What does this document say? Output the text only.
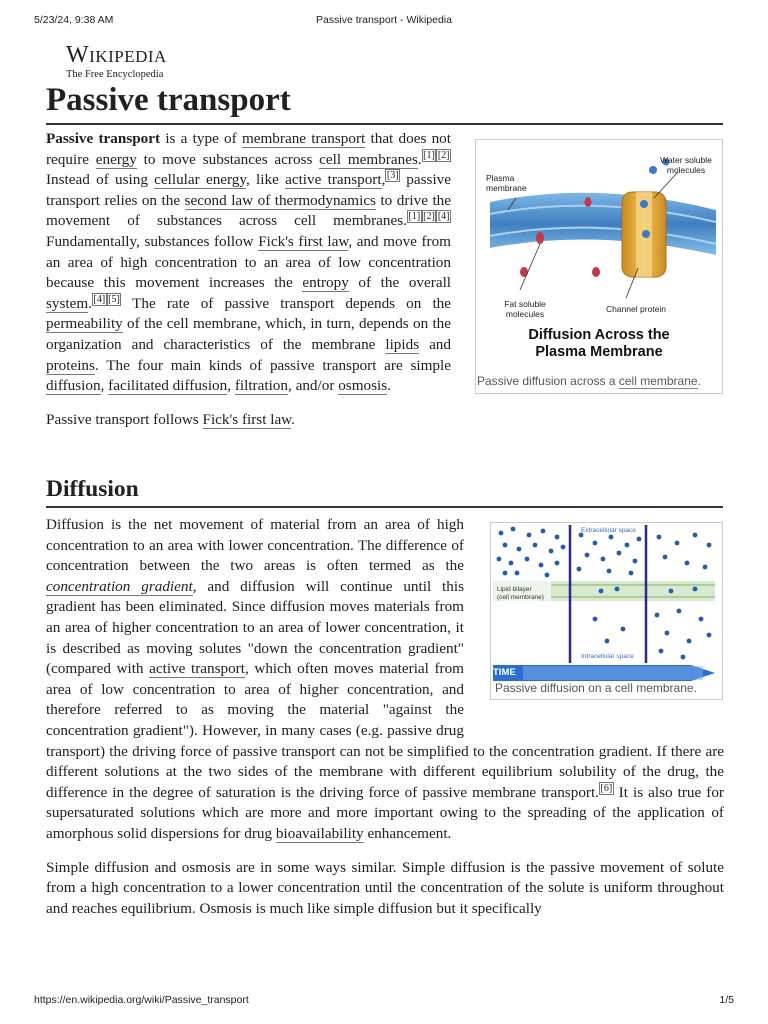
5/23/24, 9:38 AM	Passive transport - Wikipedia
Wikipedia
The Free Encyclopedia
Passive transport

Passive transport is a type of membrane transport that does not require energy to move substances across cell membranes. [1] [2] Instead of using cellular energy, like active transport, [3] passive transport relies on the second law of thermodynamics to drive the movement of substances across cell membranes. [1] [2] [4] Fundamentally, substances follow Fick's first law, and move from an area of high concentration to an area of low concentration because this movement increases the entropy of the overall system. [4] [5] The rate of passive transport depends on the permeability of the cell membrane, which, in turn, depends on the organization and characteristics of the membrane lipids and proteins. The four main kinds of passive transport are simple diffusion, facilitated diffusion, filtration, and/or osmosis.

Passive transport follows Fick's first law.

Water soluble molecules
Plasma membrane
Fat soluble molecules	Channel protein
Diffusion Across the
Plasma Membrane
Passive diffusion across a cell membrane.
Diffusion

Diffusion is the net movement of material from an area of high concentration to an area with lower concentration. The difference of concentration between the two areas is often termed as the concentration gradient, and diffusion will continue until this gradient has been eliminated. Since diffusion moves materials from an area of higher concentration to an area of lower concentration, it is described as moving solutes "down the concentration gradient" (compared with active transport, which often moves material from area of low concentration to area of higher concentration, and therefore referred to as moving the material "against the concentration gradient"). However, in many cases (e.g. passive drug transport) the driving force of passive transport can not be simplified to the concentration gradient. If there are different solutions at the two sides of the membrane with different equilibrium solubility of the drug, the difference in the degree of saturation is the driving force of passive membrane transport. [6] It is also true for supersaturated solutions which are more and more important owing to the spreading of the application of amorphous solid dispersions for drug bioavailability enhancement.

Simple diffusion and osmosis are in some ways similar. Simple diffusion is the passive movement of solute from a high concentration to a lower concentration until the concentration of the solute is uniform throughout and reaches equilibrium. Osmosis is much like simple diffusion but it specifically

Extracellular space
Lipid bilayer
(cell membrane)
Intracellular space
TIME
Passive diffusion on a cell membrane.
https://en.wikipedia.org/wiki/Passive_transport	1/5
